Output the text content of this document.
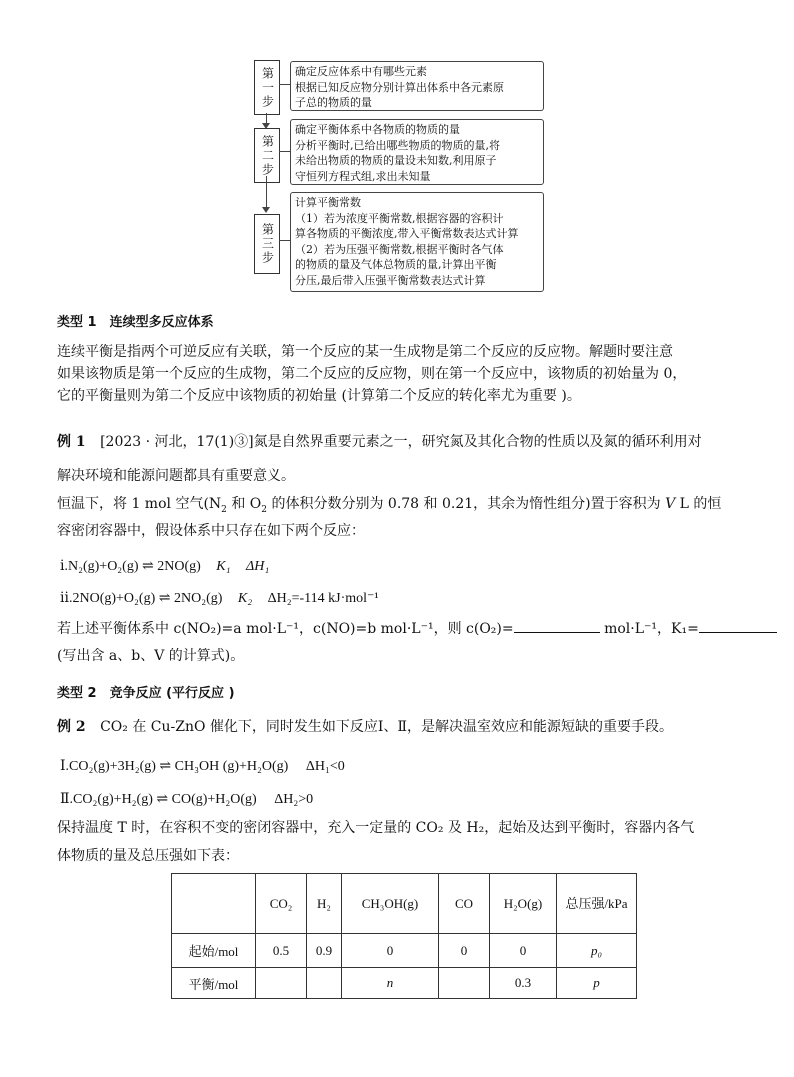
第一步	确定反应体系中有哪些元素
根据已知反应物分别计算出体系中各元素原
子总的物质的量
第二步
确定平衡体系中各物质的物质的量
分析平衡时,已给出哪些物质的物质的量,将
未给出物质的物质的量设未知数,利用原子
守恒列方程式组,求出未知量
第三步
计算平衡常数
（1）若为浓度平衡常数,根据容器的容积计
算各物质的平衡浓度,带入平衡常数表达式计算
（2）若为压强平衡常数,根据平衡时各气体
的物质的量及气体总物质的量,计算出平衡
分压,最后带入压强平衡常数表达式计算
类型 1　连续型多反应体系
连续平衡是指两个可逆反应有关联，第一个反应的某一生成物是第二个反应的反应物。解题时要注意
如果该物质是第一个反应的生成物，第二个反应的反应物，则在第一个反应中，该物质的初始量为 0，
它的平衡量则为第二个反应中该物质的初始量 (计算第二个反应的转化率尤为重要 )。
例 1 [2023 · 河北，17(1)③]氮是自然界重要元素之一，研究氮及其化合物的性质以及氮的循环利用对
解决环境和能源问题都具有重要意义。
恒温下，将 1 mol 空气($N_2$ 和 $O_2$ 的体积分数分别为 0.78 和 0.21，其余为惰性组分)置于容积为 V L 的恒
容密闭容器中，假设体系中只存在如下两个反应：
ⅰ.N₂(g)+O₂(g) ⇌ 2NO(g) K₁ ΔH₁
ⅱ.2NO(g)+O₂(g) ⇌ 2NO₂(g) K₂ ΔH₂=-114 kJ·mol⁻¹
若上述平衡体系中 c(NO₂)=a mol·L⁻¹，c(NO)=b mol·L⁻¹，则 c(O₂)=	mol·L⁻¹，K₁=
(写出含 a、b、V 的计算式)。
类型 2　竞争反应 (平行反应 )
例 2 CO₂ 在 Cu-ZnO 催化下，同时发生如下反应Ⅰ、Ⅱ，是解决温室效应和能源短缺的重要手段。
Ⅰ.CO₂(g)+3H₂(g) ⇌ CH₃OH (g)+H₂O(g) ΔH₁<0
Ⅱ.CO₂(g)+H₂(g) ⇌ CO(g)+H₂O(g) ΔH₂>0
保持温度 T 时，在容积不变的密闭容器中，充入一定量的 CO₂ 及 H₂，起始及达到平衡时，容器内各气
体物质的量及总压强如下表：
	CO₂	H₂	CH₃OH(g)	CO	H₂O(g)	总压强/kPa
起始/mol	0.5	0.9	0	0	0	p₀
平衡/mol			n		0.3	p
